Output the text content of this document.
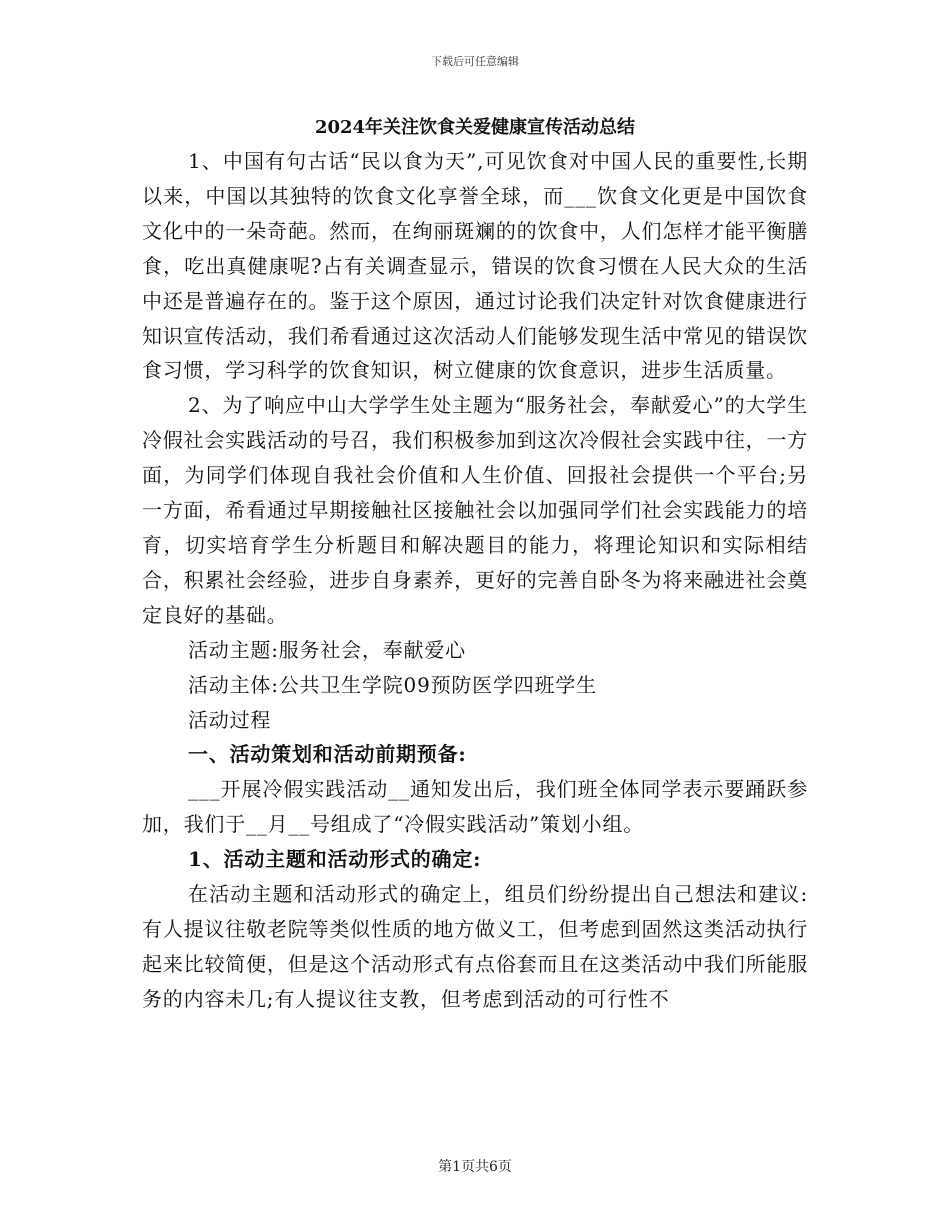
下载后可任意编辑
2024年关注饮食关爱健康宣传活动总结

1、中国有句古话“民以食为天”,可见饮食对中国人民的重要性,长期以来，中国以其独特的饮食文化享誉全球，而___饮食文化更是中国饮食文化中的一朵奇葩。然而，在绚丽斑斓的的饮食中，人们怎样才能平衡膳食，吃出真健康呢?占有关调查显示，错误的饮食习惯在人民大众的生活中还是普遍存在的。鉴于这个原因，通过讨论我们决定针对饮食健康进行知识宣传活动，我们希看通过这次活动人们能够发现生活中常见的错误饮食习惯，学习科学的饮食知识，树立健康的饮食意识，进步生活质量。

2、为了响应中山大学学生处主题为“服务社会，奉献爱心”的大学生冷假社会实践活动的号召，我们积极参加到这次冷假社会实践中往，一方面，为同学们体现自我社会价值和人生价值、回报社会提供一个平台;另一方面，希看通过早期接触社区接触社会以加强同学们社会实践能力的培育，切实培育学生分析题目和解决题目的能力，将理论知识和实际相结合，积累社会经验，进步自身素养，更好的完善自卧冬为将来融进社会奠定良好的基础。

活动主题:服务社会，奉献爱心

活动主体:公共卫生学院09预防医学四班学生

活动过程

一、活动策划和活动前期预备:

___开展冷假实践活动__通知发出后，我们班全体同学表示要踊跃参加，我们于__月__号组成了“冷假实践活动”策划小组。

1、活动主题和活动形式的确定:

在活动主题和活动形式的确定上，组员们纷纷提出自己想法和建议:有人提议往敬老院等类似性质的地方做义工，但考虑到固然这类活动执行起来比较简便，但是这个活动形式有点俗套而且在这类活动中我们所能服务的内容未几;有人提议往支教，但考虑到活动的可行性不

第1页共6页
